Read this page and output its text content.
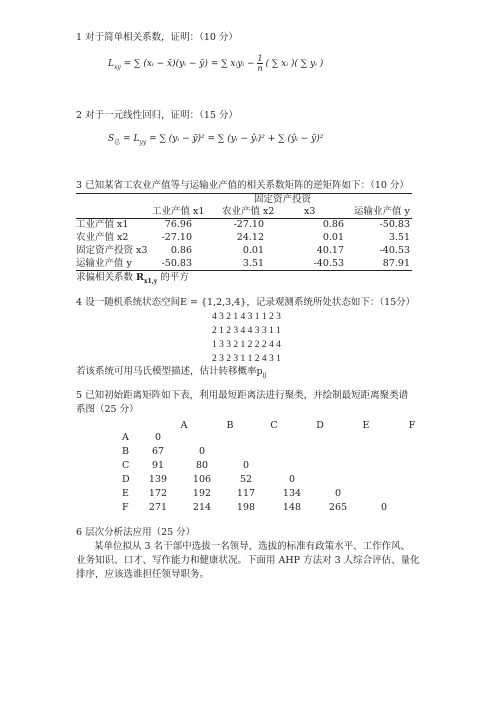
1 对于简单相关系数，证明：（10 分）
$L_{xy}$ = ∑ (xᵢ − x̄)(yᵢ − ȳ) = ∑ xᵢyᵢ − $\frac{1}{n}$ ( ∑ xᵢ )( ∑ yᵢ )
2 对于一元线性回归，证明：（15 分）
$S_总 = L_{yy}$ = ∑ (yᵢ − ȳ)² = ∑ (yᵢ − ŷᵢ)² + ∑ (ŷᵢ − ȳ)²
3 已知某省工农业产值等与运输业产值的相关系数矩阵的逆矩阵如下：（10 分）
固定资产投资
工业产值 x1 农业产值 x2	x3	运输业产值 y
工业产值 x1	76.96	-27.10	0.86	-50.83
农业产值 x2	-27.10	24.12	0.01	3.51
固定资产投资 x3	0.86	0.01	40.17	-40.53
运输业产值 y	-50.83	3.51	-40.53	87.91
求偏相关系数 $R_{x1,y}$ 的平方
4 设一随机系统状态空间E = {1,2,3,4}，记录观测系统所处状态如下：（15分）
4 3 2 1 4 3 1 1 2 3
2 1 2 3 4 4 3 3 1 1
1 3 3 2 1 2 2 2 4 4
2 3 2 3 1 1 2 4 3 1
若该系统可用马氏模型描述，估计转移概率$p_{ij}$
5 已知初始距离矩阵如下表，利用最短距离法进行聚类，并绘制最短距离聚类谱
系图（25 分）
A	B	C	D	E	F
A	0
B	67	0
C	91	80	0
D 139	106	52	0
E 172	192	117	134	0
F 271	214	198	148	265	0
6 层次分析法应用（25 分）
某单位拟从 3 名干部中选拔一名领导，选拔的标准有政策水平、工作作风、
业务知识、口才、写作能力和健康状况。下面用 AHP 方法对 3 人综合评估、量化
排序，应该选谁担任领导职务。
